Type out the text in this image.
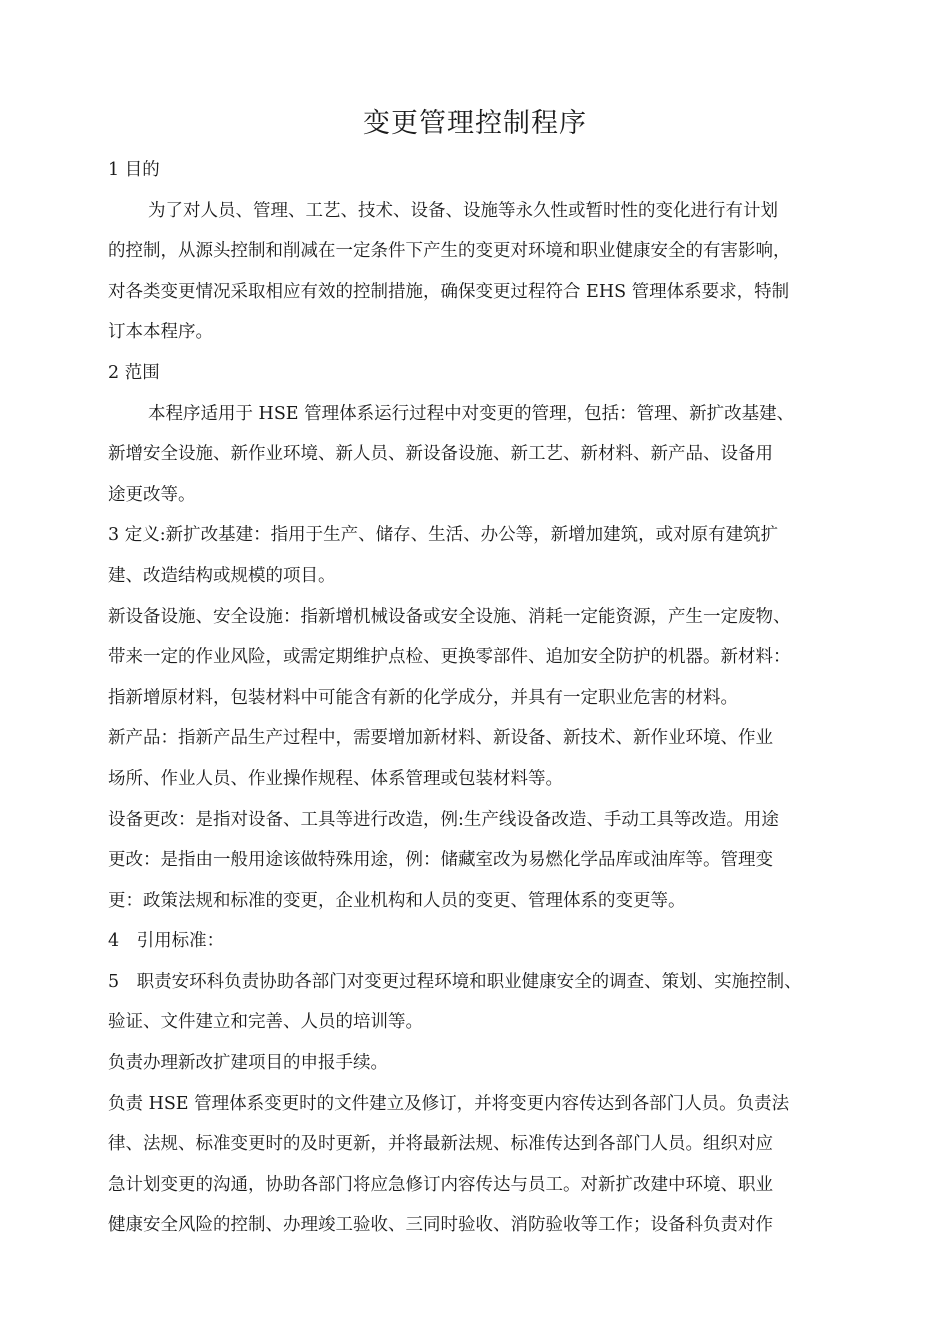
变更管理控制程序
1 目的
为了对人员、管理、工艺、技术、设备、设施等永久性或暂时性的变化进行有计划
的控制，从源头控制和削减在一定条件下产生的变更对环境和职业健康安全的有害影响，
对各类变更情况采取相应有效的控制措施，确保变更过程符合 EHS 管理体系要求，特制
订本本程序。
2 范围
本程序适用于 HSE 管理体系运行过程中对变更的管理，包括：管理、新扩改基建、
新增安全设施、新作业环境、新人员、新设备设施、新工艺、新材料、新产品、设备用
途更改等。
3 定义:新扩改基建：指用于生产、储存、生活、办公等，新增加建筑，或对原有建筑扩
建、改造结构或规模的项目。
新设备设施、安全设施：指新增机械设备或安全设施、消耗一定能资源，产生一定废物、
带来一定的作业风险，或需定期维护点检、更换零部件、追加安全防护的机器。新材料：
指新增原材料，包装材料中可能含有新的化学成分，并具有一定职业危害的材料。
新产品：指新产品生产过程中，需要增加新材料、新设备、新技术、新作业环境、作业
场所、作业人员、作业操作规程、体系管理或包装材料等。
设备更改：是指对设备、工具等进行改造，例:生产线设备改造、手动工具等改造。用途
更改：是指由一般用途该做特殊用途，例：储藏室改为易燃化学品库或油库等。管理变
更：政策法规和标准的变更，企业机构和人员的变更、管理体系的变更等。
4　引用标准：
5　职责安环科负责协助各部门对变更过程环境和职业健康安全的调查、策划、实施控制、
验证、文件建立和完善、人员的培训等。
负责办理新改扩建项目的申报手续。
负责 HSE 管理体系变更时的文件建立及修订，并将变更内容传达到各部门人员。负责法
律、法规、标准变更时的及时更新，并将最新法规、标准传达到各部门人员。组织对应
急计划变更的沟通，协助各部门将应急修订内容传达与员工。对新扩改建中环境、职业
健康安全风险的控制、办理竣工验收、三同时验收、消防验收等工作；设备科负责对作
